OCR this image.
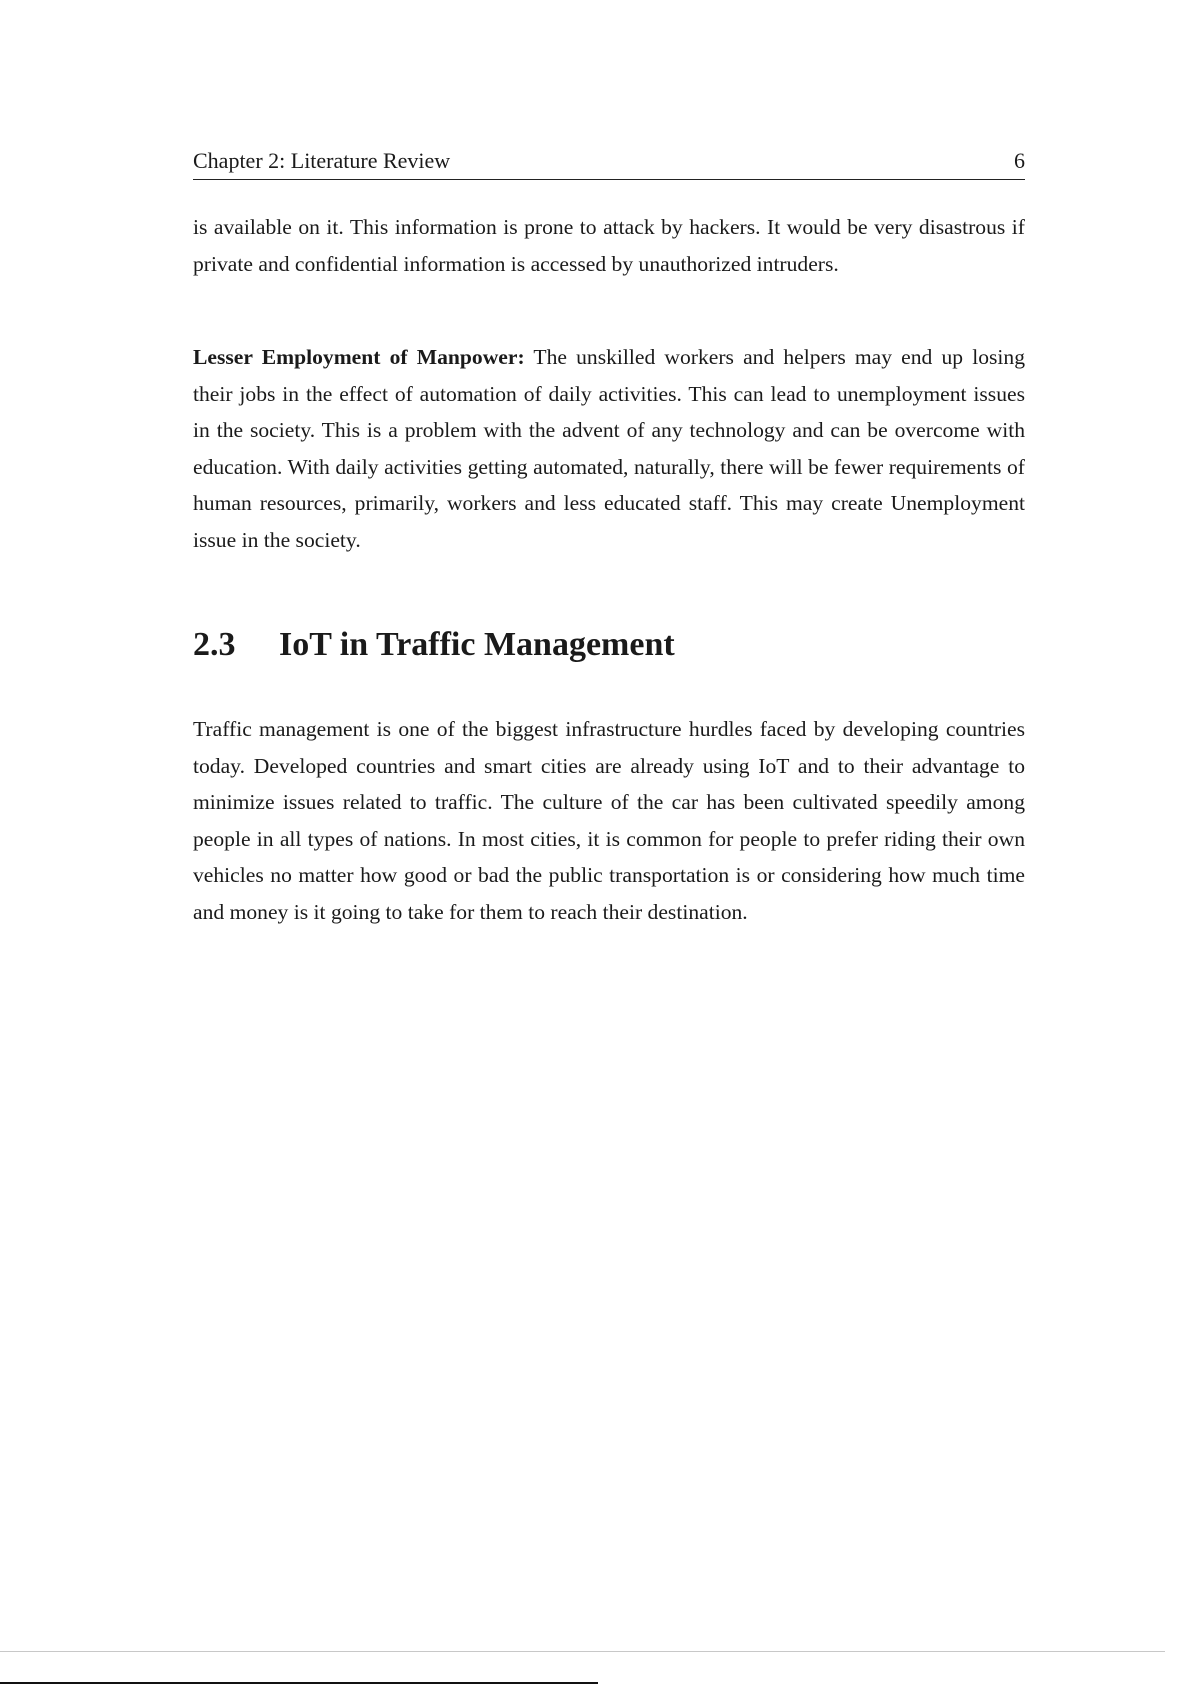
Chapter 2: Literature Review	6

is available on it. This information is prone to attack by hackers. It would be very disastrous if private and confidential information is accessed by unauthorized intruders.

Lesser Employment of Manpower: The unskilled workers and helpers may end up losing their jobs in the effect of automation of daily activities. This can lead to unemployment issues in the society. This is a problem with the advent of any technology and can be overcome with education. With daily activities getting automated, naturally, there will be fewer requirements of human resources, primarily, workers and less educated staff. This may create Unemployment issue in the society.

2.3 IoT in Traffic Management

Traffic management is one of the biggest infrastructure hurdles faced by developing countries today. Developed countries and smart cities are already using IoT and to their advantage to minimize issues related to traffic. The culture of the car has been cultivated speedily among people in all types of nations. In most cities, it is common for people to prefer riding their own vehicles no matter how good or bad the public transportation is or considering how much time and money is it going to take for them to reach their destination.
